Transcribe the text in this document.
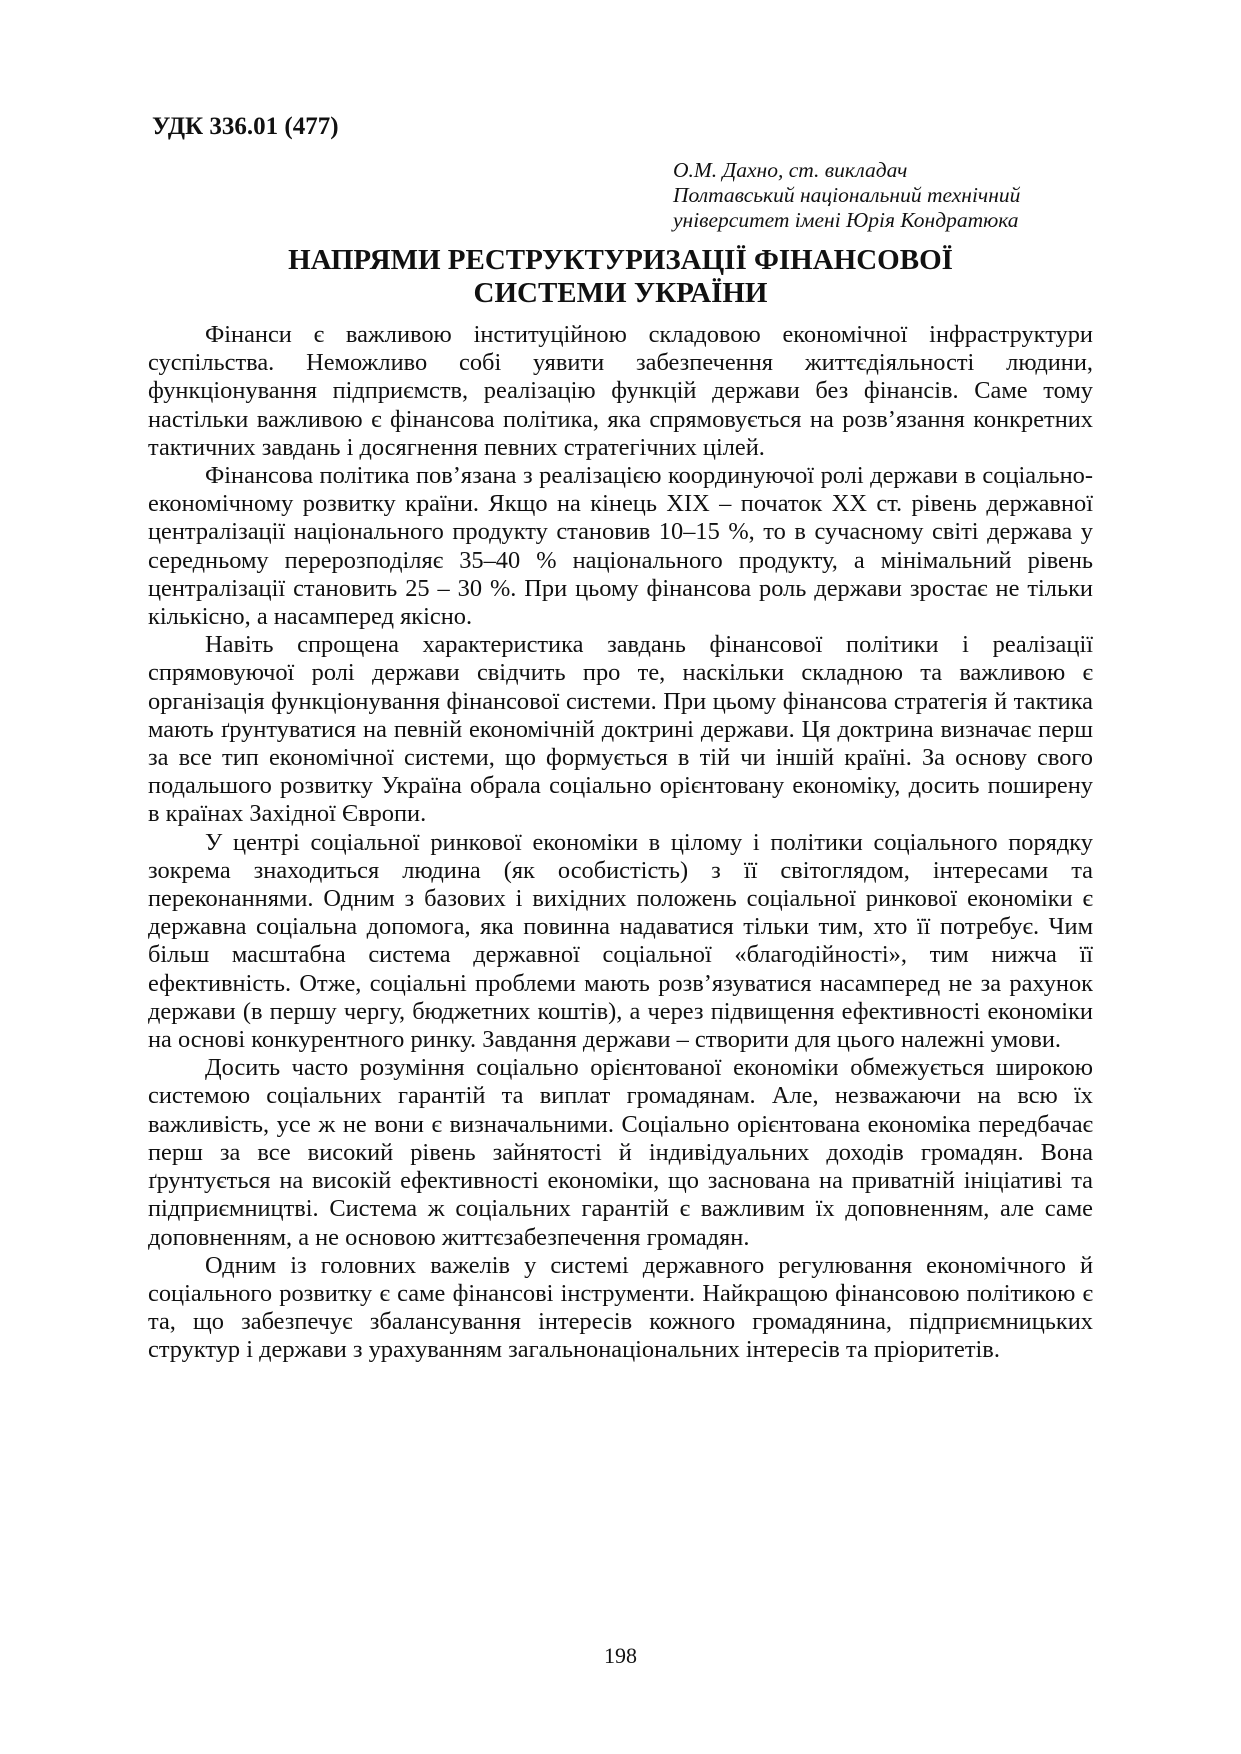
УДК 336.01 (477)

О.М. Дахно, ст. викладач
Полтавський національний технічний
університет імені Юрія Кондратюка
НАПРЯМИ РЕСТРУКТУРИЗАЦІЇ ФІНАНСОВОЇ
СИСТЕМИ УКРАЇНИ

Фінанси є важливою інституційною складовою економічної інфраструктури суспільства. Неможливо собі уявити забезпечення життєдіяльності людини, функціонування підприємств, реалізацію функцій держави без фінансів. Саме тому настільки важливою є фінансова політика, яка спрямовується на розв’язання конкретних тактичних завдань і досягнення певних стратегічних цілей.

Фінансова політика пов’язана з реалізацією координуючої ролі держави в соціально-економічному розвитку країни. Якщо на кінець XIX – початок XX ст. рівень державної централізації національного продукту становив 10–15 %, то в сучасному світі держава у середньому перерозподіляє 35–40 % національного продукту, а мінімальний рівень централізації становить 25 – 30 %. При цьому фінансова роль держави зростає не тільки кількісно, а насамперед якісно.

Навіть спрощена характеристика завдань фінансової політики і реалізації спрямовуючої ролі держави свідчить про те, наскільки складною та важливою є організація функціонування фінансової системи. При цьому фінансова стратегія й тактика мають ґрунтуватися на певній економічній доктрині держави. Ця доктрина визначає перш за все тип економічної системи, що формується в тій чи іншій країні. За основу свого подальшого розвитку Україна обрала соціально орієнтовану економіку, досить поширену в країнах Західної Європи.

У центрі соціальної ринкової економіки в цілому і політики соціального порядку зокрема знаходиться людина (як особистість) з її світоглядом, інтересами та переконаннями. Одним з базових і вихідних положень соціальної ринкової економіки є державна соціальна допомога, яка повинна надаватися тільки тим, хто її потребує. Чим більш масштабна система державної соціальної «благодійності», тим нижча її ефективність. Отже, соціальні проблеми мають розв’язуватися насамперед не за рахунок держави (в першу чергу, бюджетних коштів), а через підвищення ефективності економіки на основі конкурентного ринку. Завдання держави – створити для цього належні умови.

Досить часто розуміння соціально орієнтованої економіки обмежується широкою системою соціальних гарантій та виплат громадянам. Але, незважаючи на всю їх важливість, усе ж не вони є визначальними. Соціально орієнтована економіка передбачає перш за все високий рівень зайнятості й індивідуальних доходів громадян. Вона ґрунтується на високій ефективності економіки, що заснована на приватній ініціативі та підприємництві. Система ж соціальних гарантій є важливим їх доповненням, але саме доповненням, а не основою життєзабезпечення громадян.

Одним із головних важелів у системі державного регулювання економічного й соціального розвитку є саме фінансові інструменти. Найкращою фінансовою політикою є та, що забезпечує збалансування інтересів кожного громадянина, підприємницьких структур і держави з урахуванням загальнонаціональних інтересів та пріоритетів.

198
